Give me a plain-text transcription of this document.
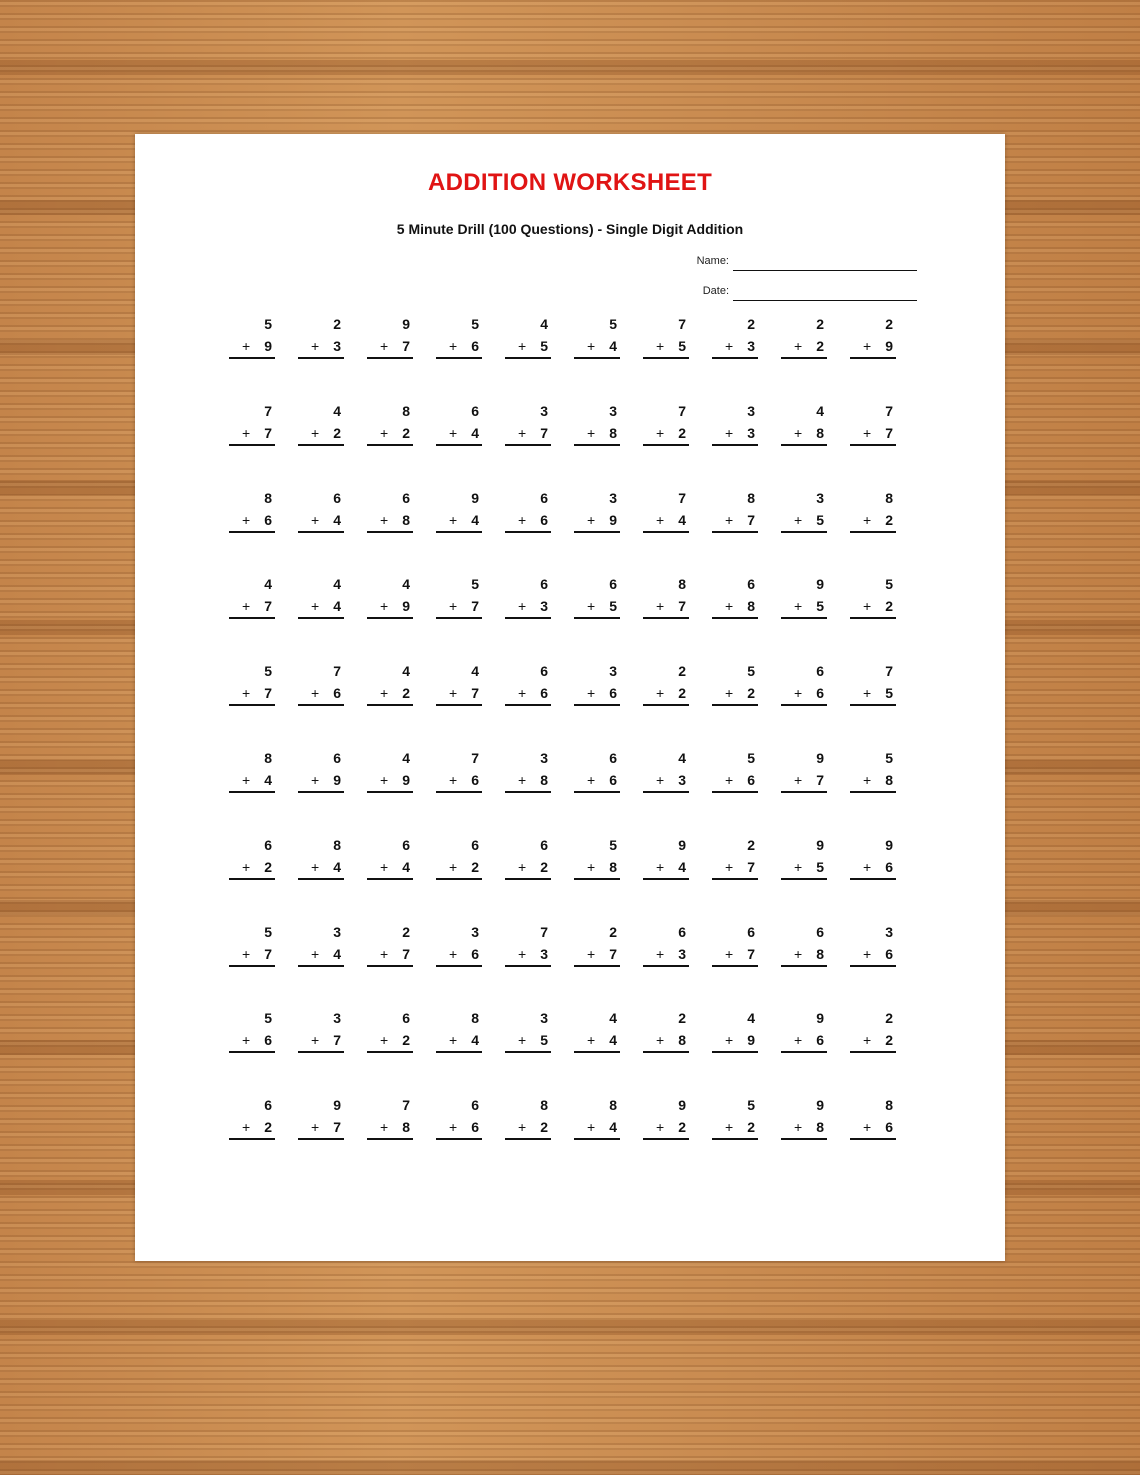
ADDITION WORKSHEET
5 Minute Drill (100 Questions) - Single Digit Addition
Name:
Date:
5
+	9
2
+	3
9
+	7
5
+	6
4
+	5
5
+	4
7
+	5
2
+	3
2
+	2
2
+	9
7
+	7
4
+	2
8
+	2
6
+	4
3
+	7
3
+	8
7
+	2
3
+	3
4
+	8
7
+	7
8
+	6
6
+	4
6
+	8
9
+	4
6
+	6
3
+	9
7
+	4
8
+	7
3
+	5
8
+	2
4
+	7
4
+	4
4
+	9
5
+	7
6
+	3
6
+	5
8
+	7
6
+	8
9
+	5
5
+	2
5
+	7
7
+	6
4
+	2
4
+	7
6
+	6
3
+	6
2
+	2
5
+	2
6
+	6
7
+	5
8
+	4
6
+	9
4
+	9
7
+	6
3
+	8
6
+	6
4
+	3
5
+	6
9
+	7
5
+	8
6
+	2
8
+	4
6
+	4
6
+	2
6
+	2
5
+	8
9
+	4
2
+	7
9
+	5
9
+	6
5
+	7
3
+	4
2
+	7
3
+	6
7
+	3
2
+	7
6
+	3
6
+	7
6
+	8
3
+	6
5
+	6
3
+	7
6
+	2
8
+	4
3
+	5
4
+	4
2
+	8
4
+	9
9
+	6
2
+	2
6
+	2
9
+	7
7
+	8
6
+	6
8
+	2
8
+	4
9
+	2
5
+	2
9
+	8
8
+	6
